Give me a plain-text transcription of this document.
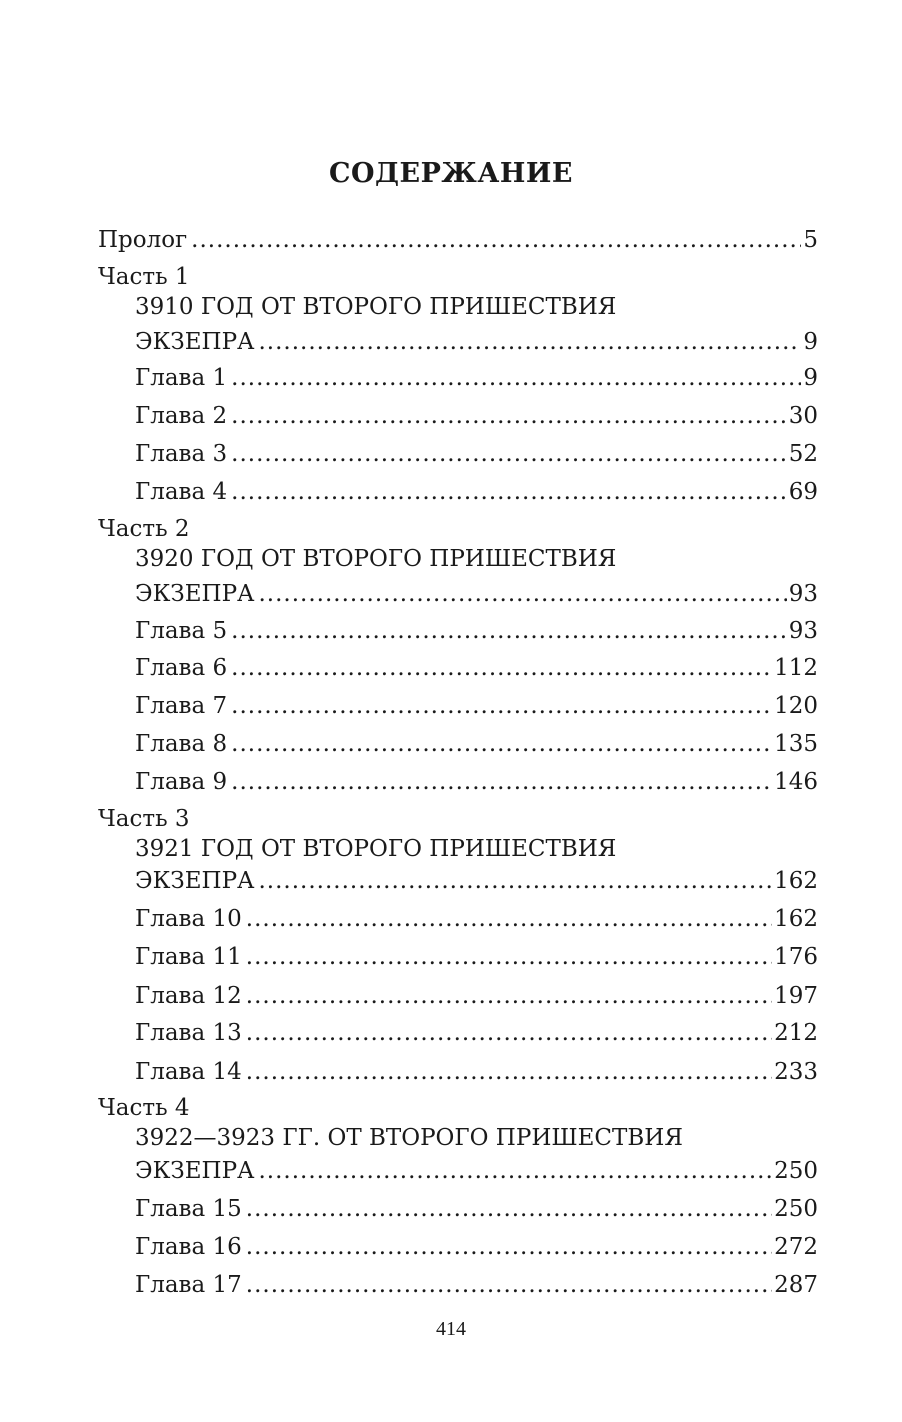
СОДЕРЖАНИЕ
Пролог .....	5
Часть 1
3910 ГОД ОТ ВТОРОГО ПРИШЕСТВИЯ
ЭКЗЕПРА .....	9
Глава 1 .....	9
Глава 2 .....	30
Глава 3 .....	52
Глава 4 .....	69
Часть 2
3920 ГОД ОТ ВТОРОГО ПРИШЕСТВИЯ
ЭКЗЕПРА .....	93
Глава 5 .....	93
Глава 6 .....	112
Глава 7 .....	120
Глава 8 .....	135
Глава 9 .....	146
Часть 3
3921 ГОД ОТ ВТОРОГО ПРИШЕСТВИЯ
ЭКЗЕПРА .....	162
Глава 10 .....	162
Глава 11 .....	176
Глава 12 .....	197
Глава 13 .....	212
Глава 14 .....	233
Часть 4
3922—3923 ГГ. ОТ ВТОРОГО ПРИШЕСТВИЯ
ЭКЗЕПРА .....	250
Глава 15 .....	250
Глава 16 .....	272
Глава 17 .....	287
414
